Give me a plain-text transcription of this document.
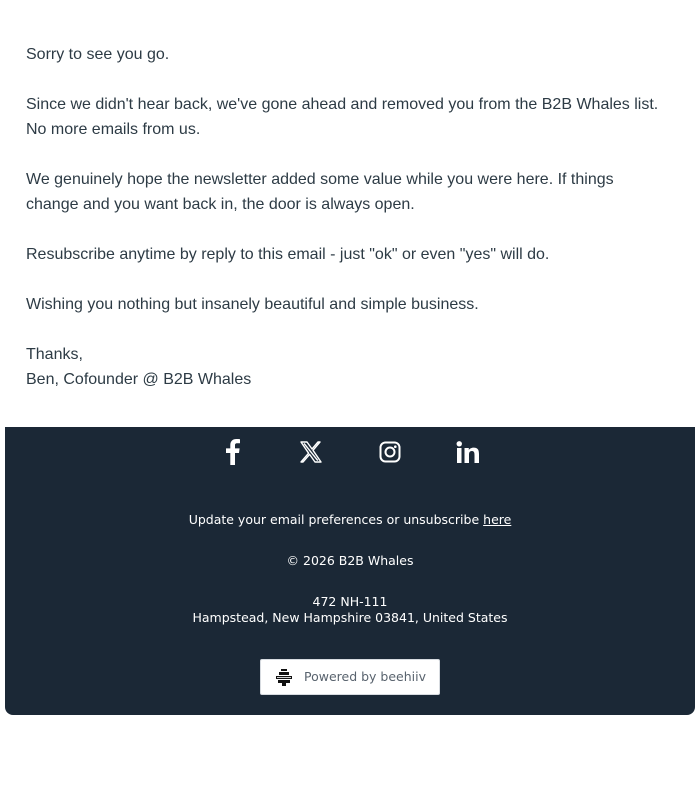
Sorry to see you go.

Since we didn't hear back, we've gone ahead and removed you from the B2B Whales list. No more emails from us.

We genuinely hope the newsletter added some value while you were here. If things change and you want back in, the door is always open.

Resubscribe anytime by reply to this email - just "ok" or even "yes" will do.

Wishing you nothing but insanely beautiful and simple business.

Thanks,
Ben, Cofounder @ B2B Whales
Update your email preferences or unsubscribe here
© 2026 B2B Whales
472 NH-111
Hampstead, New Hampshire 03841, United States
Powered by beehiiv
